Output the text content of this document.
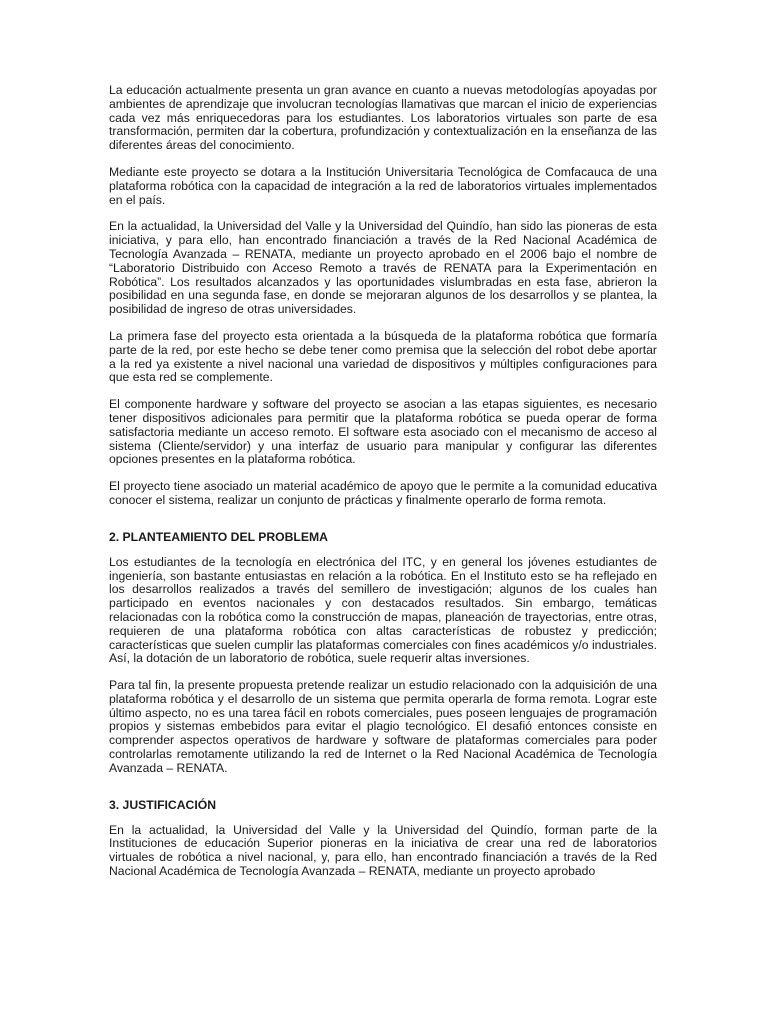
La educación actualmente presenta un gran avance en cuanto a nuevas metodologías apoyadas por ambientes de aprendizaje que involucran tecnologías llamativas que marcan el inicio de experiencias cada vez más enriquecedoras para los estudiantes. Los laboratorios virtuales son parte de esa transformación, permiten dar la cobertura, profundización y contextualización en la enseñanza de las diferentes áreas del conocimiento.

Mediante este proyecto se dotara a la Institución Universitaria Tecnológica de Comfacauca de una plataforma robótica con la capacidad de integración a la red de laboratorios virtuales implementados en el país.

En la actualidad, la Universidad del Valle y la Universidad del Quindío, han sido las pioneras de esta iniciativa, y para ello, han encontrado financiación a través de la Red Nacional Académica de Tecnología Avanzada – RENATA, mediante un proyecto aprobado en el 2006 bajo el nombre de “Laboratorio Distribuido con Acceso Remoto a través de RENATA para la Experimentación en Robótica”. Los resultados alcanzados y las oportunidades vislumbradas en esta fase, abrieron la posibilidad en una segunda fase, en donde se mejoraran algunos de los desarrollos y se plantea, la posibilidad de ingreso de otras universidades.

La primera fase del proyecto esta orientada a la búsqueda de la plataforma robótica que formaría parte de la red, por este hecho se debe tener como premisa que la selección del robot debe aportar a la red ya existente a nivel nacional una variedad de dispositivos y múltiples configuraciones para que esta red se complemente.

El componente hardware y software del proyecto se asocian a las etapas siguientes, es necesario tener dispositivos adicionales para permitir que la plataforma robótica se pueda operar de forma satisfactoria mediante un acceso remoto. El software esta asociado con el mecanismo de acceso al sistema (Cliente/servidor) y una interfaz de usuario para manipular y configurar las diferentes opciones presentes en la plataforma robótica.

El proyecto tiene asociado un material académico de apoyo que le permite a la comunidad educativa conocer el sistema, realizar un conjunto de prácticas y finalmente operarlo de forma remota.

2. PLANTEAMIENTO DEL PROBLEMA

Los estudiantes de la tecnología en electrónica del ITC, y en general los jóvenes estudiantes de ingeniería, son bastante entusiastas en relación a la robótica. En el Instituto esto se ha reflejado en los desarrollos realizados a través del semillero de investigación; algunos de los cuales han participado en eventos nacionales y con destacados resultados. Sin embargo, temáticas relacionadas con la robótica como la construcción de mapas, planeación de trayectorias, entre otras, requieren de una plataforma robótica con altas características de robustez y predicción; características que suelen cumplir las plataformas comerciales con fines académicos y/o industriales. Así, la dotación de un laboratorio de robótica, suele requerir altas inversiones.

Para tal fin, la presente propuesta pretende realizar un estudio relacionado con la adquisición de una plataforma robótica y el desarrollo de un sistema que permita operarla de forma remota. Lograr este último aspecto, no es una tarea fácil en robots comerciales, pues poseen lenguajes de programación propios y sistemas embebidos para evitar el plagio tecnológico. El desafió entonces consiste en comprender aspectos operativos de hardware y software de plataformas comerciales para poder controlarlas remotamente utilizando la red de Internet o la Red Nacional Académica de Tecnología Avanzada – RENATA.

3. JUSTIFICACIÓN

En la actualidad, la Universidad del Valle y la Universidad del Quindío, forman parte de la Instituciones de educación Superior pioneras en la iniciativa de crear una red de laboratorios virtuales de robótica a nivel nacional, y, para ello, han encontrado financiación a través de la Red Nacional Académica de Tecnología Avanzada – RENATA, mediante un proyecto aprobado
